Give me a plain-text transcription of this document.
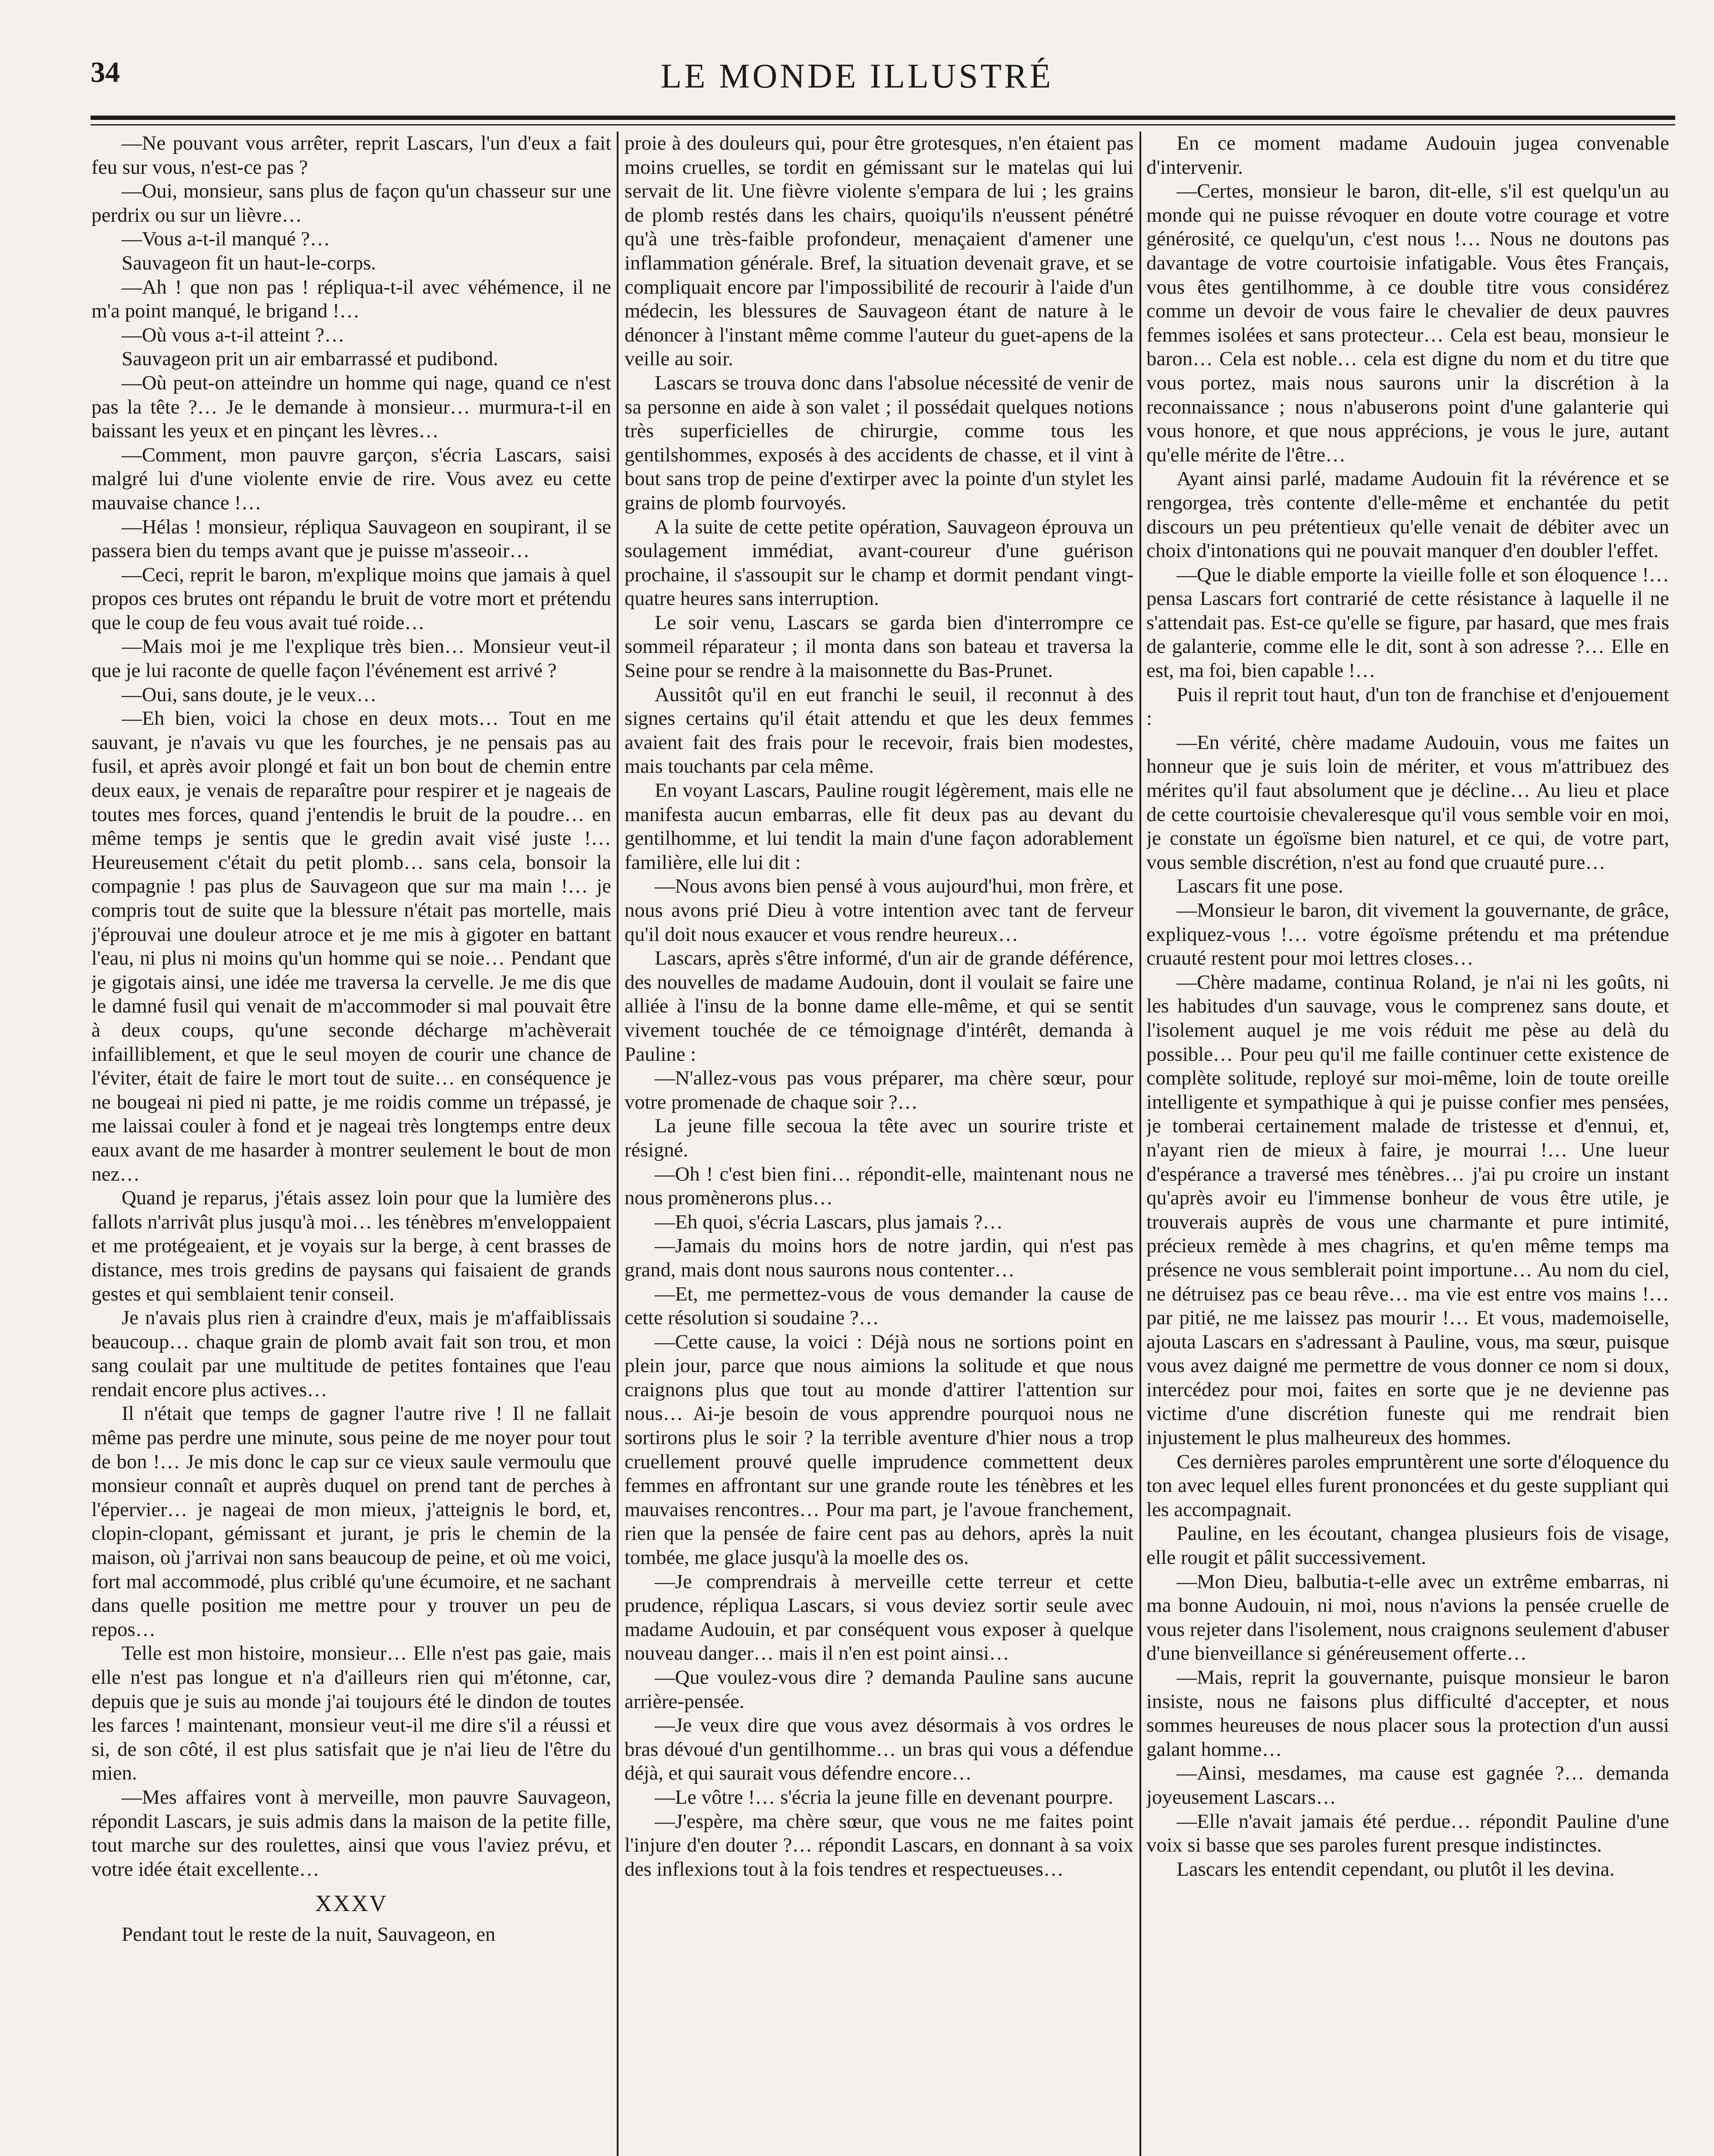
34	LE MONDE ILLUSTRÉ

—Ne pouvant vous arrêter, reprit Lascars, l'un d'eux a fait feu sur vous, n'est-ce pas ?

—Oui, monsieur, sans plus de façon qu'un chasseur sur une perdrix ou sur un lièvre…

—Vous a-t-il manqué ?…

Sauvageon fit un haut-le-corps.

—Ah ! que non pas ! répliqua-t-il avec véhémence, il ne m'a point manqué, le brigand !…

—Où vous a-t-il atteint ?…

Sauvageon prit un air embarrassé et pudibond.

—Où peut-on atteindre un homme qui nage, quand ce n'est pas la tête ?… Je le demande à monsieur… murmura-t-il en baissant les yeux et en pinçant les lèvres…

—Comment, mon pauvre garçon, s'écria Lascars, saisi malgré lui d'une violente envie de rire. Vous avez eu cette mauvaise chance !…

—Hélas ! monsieur, répliqua Sauvageon en soupirant, il se passera bien du temps avant que je puisse m'asseoir…

—Ceci, reprit le baron, m'explique moins que jamais à quel propos ces brutes ont répandu le bruit de votre mort et prétendu que le coup de feu vous avait tué roide…

—Mais moi je me l'explique très bien… Monsieur veut-il que je lui raconte de quelle façon l'événement est arrivé ?

—Oui, sans doute, je le veux…

—Eh bien, voici la chose en deux mots… Tout en me sauvant, je n'avais vu que les fourches, je ne pensais pas au fusil, et après avoir plongé et fait un bon bout de chemin entre deux eaux, je venais de reparaître pour respirer et je nageais de toutes mes forces, quand j'entendis le bruit de la poudre… en même temps je sentis que le gredin avait visé juste !… Heureusement c'était du petit plomb… sans cela, bonsoir la compagnie ! pas plus de Sauvageon que sur ma main !… je compris tout de suite que la blessure n'était pas mortelle, mais j'éprouvai une douleur atroce et je me mis à gigoter en battant l'eau, ni plus ni moins qu'un homme qui se noie… Pendant que je gigotais ainsi, une idée me traversa la cervelle. Je me dis que le damné fusil qui venait de m'accommoder si mal pouvait être à deux coups, qu'une seconde décharge m'achèverait infailliblement, et que le seul moyen de courir une chance de l'éviter, était de faire le mort tout de suite… en conséquence je ne bougeai ni pied ni patte, je me roidis comme un trépassé, je me laissai couler à fond et je nageai très longtemps entre deux eaux avant de me hasarder à montrer seulement le bout de mon nez…

Quand je reparus, j'étais assez loin pour que la lumière des fallots n'arrivât plus jusqu'à moi… les ténèbres m'enveloppaient et me protégeaient, et je voyais sur la berge, à cent brasses de distance, mes trois gredins de paysans qui faisaient de grands gestes et qui semblaient tenir conseil.

Je n'avais plus rien à craindre d'eux, mais je m'affaiblissais beaucoup… chaque grain de plomb avait fait son trou, et mon sang coulait par une multitude de petites fontaines que l'eau rendait encore plus actives…

Il n'était que temps de gagner l'autre rive ! Il ne fallait même pas perdre une minute, sous peine de me noyer pour tout de bon !… Je mis donc le cap sur ce vieux saule vermoulu que monsieur connaît et auprès duquel on prend tant de perches à l'épervier… je nageai de mon mieux, j'atteignis le bord, et, clopin-clopant, gémissant et jurant, je pris le chemin de la maison, où j'arrivai non sans beaucoup de peine, et où me voici, fort mal accommodé, plus criblé qu'une écumoire, et ne sachant dans quelle position me mettre pour y trouver un peu de repos…

Telle est mon histoire, monsieur… Elle n'est pas gaie, mais elle n'est pas longue et n'a d'ailleurs rien qui m'étonne, car, depuis que je suis au monde j'ai toujours été le dindon de toutes les farces ! maintenant, monsieur veut-il me dire s'il a réussi et si, de son côté, il est plus satisfait que je n'ai lieu de l'être du mien.

—Mes affaires vont à merveille, mon pauvre Sauvageon, répondit Lascars, je suis admis dans la maison de la petite fille, tout marche sur des roulettes, ainsi que vous l'aviez prévu, et votre idée était excellente…

XXXV

Pendant tout le reste de la nuit, Sauvageon, en

proie à des douleurs qui, pour être grotesques, n'en étaient pas moins cruelles, se tordit en gémissant sur le matelas qui lui servait de lit. Une fièvre violente s'empara de lui ; les grains de plomb restés dans les chairs, quoiqu'ils n'eussent pénétré qu'à une très-faible profondeur, menaçaient d'amener une inflammation générale. Bref, la situation devenait grave, et se compliquait encore par l'impossibilité de recourir à l'aide d'un médecin, les blessures de Sauvageon étant de nature à le dénoncer à l'instant même comme l'auteur du guet-apens de la veille au soir.

Lascars se trouva donc dans l'absolue nécessité de venir de sa personne en aide à son valet ; il possédait quelques notions très superficielles de chirurgie, comme tous les gentilshommes, exposés à des accidents de chasse, et il vint à bout sans trop de peine d'extirper avec la pointe d'un stylet les grains de plomb fourvoyés.

A la suite de cette petite opération, Sauvageon éprouva un soulagement immédiat, avant-coureur d'une guérison prochaine, il s'assoupit sur le champ et dormit pendant vingt-quatre heures sans interruption.

Le soir venu, Lascars se garda bien d'interrompre ce sommeil réparateur ; il monta dans son bateau et traversa la Seine pour se rendre à la maisonnette du Bas-Prunet.

Aussitôt qu'il en eut franchi le seuil, il reconnut à des signes certains qu'il était attendu et que les deux femmes avaient fait des frais pour le recevoir, frais bien modestes, mais touchants par cela même.

En voyant Lascars, Pauline rougit légèrement, mais elle ne manifesta aucun embarras, elle fit deux pas au devant du gentilhomme, et lui tendit la main d'une façon adorablement familière, elle lui dit :

—Nous avons bien pensé à vous aujourd'hui, mon frère, et nous avons prié Dieu à votre intention avec tant de ferveur qu'il doit nous exaucer et vous rendre heureux…

Lascars, après s'être informé, d'un air de grande déférence, des nouvelles de madame Audouin, dont il voulait se faire une alliée à l'insu de la bonne dame elle-même, et qui se sentit vivement touchée de ce témoignage d'intérêt, demanda à Pauline :

—N'allez-vous pas vous préparer, ma chère sœur, pour votre promenade de chaque soir ?…

La jeune fille secoua la tête avec un sourire triste et résigné.

—Oh ! c'est bien fini… répondit-elle, maintenant nous ne nous promènerons plus…

—Eh quoi, s'écria Lascars, plus jamais ?…

—Jamais du moins hors de notre jardin, qui n'est pas grand, mais dont nous saurons nous contenter…

—Et, me permettez-vous de vous demander la cause de cette résolution si soudaine ?…

—Cette cause, la voici : Déjà nous ne sortions point en plein jour, parce que nous aimions la solitude et que nous craignons plus que tout au monde d'attirer l'attention sur nous… Ai-je besoin de vous apprendre pourquoi nous ne sortirons plus le soir ? la terrible aventure d'hier nous a trop cruellement prouvé quelle imprudence commettent deux femmes en affrontant sur une grande route les ténèbres et les mauvaises rencontres… Pour ma part, je l'avoue franchement, rien que la pensée de faire cent pas au dehors, après la nuit tombée, me glace jusqu'à la moelle des os.

—Je comprendrais à merveille cette terreur et cette prudence, répliqua Lascars, si vous deviez sortir seule avec madame Audouin, et par conséquent vous exposer à quelque nouveau danger… mais il n'en est point ainsi…

—Que voulez-vous dire ? demanda Pauline sans aucune arrière-pensée.

—Je veux dire que vous avez désormais à vos ordres le bras dévoué d'un gentilhomme… un bras qui vous a défendue déjà, et qui saurait vous défendre encore…

—Le vôtre !… s'écria la jeune fille en devenant pourpre.

—J'espère, ma chère sœur, que vous ne me faites point l'injure d'en douter ?… répondit Lascars, en donnant à sa voix des inflexions tout à la fois tendres et respectueuses…

En ce moment madame Audouin jugea convenable d'intervenir.

—Certes, monsieur le baron, dit-elle, s'il est quelqu'un au monde qui ne puisse révoquer en doute votre courage et votre générosité, ce quelqu'un, c'est nous !… Nous ne doutons pas davantage de votre courtoisie infatigable. Vous êtes Français, vous êtes gentilhomme, à ce double titre vous considérez comme un devoir de vous faire le chevalier de deux pauvres femmes isolées et sans protecteur… Cela est beau, monsieur le baron… Cela est noble… cela est digne du nom et du titre que vous portez, mais nous saurons unir la discrétion à la reconnaissance ; nous n'abuserons point d'une galanterie qui vous honore, et que nous apprécions, je vous le jure, autant qu'elle mérite de l'être…

Ayant ainsi parlé, madame Audouin fit la révérence et se rengorgea, très contente d'elle-même et enchantée du petit discours un peu prétentieux qu'elle venait de débiter avec un choix d'intonations qui ne pouvait manquer d'en doubler l'effet.

—Que le diable emporte la vieille folle et son éloquence !… pensa Lascars fort contrarié de cette résistance à laquelle il ne s'attendait pas. Est-ce qu'elle se figure, par hasard, que mes frais de galanterie, comme elle le dit, sont à son adresse ?… Elle en est, ma foi, bien capable !…

Puis il reprit tout haut, d'un ton de franchise et d'enjouement :

—En vérité, chère madame Audouin, vous me faites un honneur que je suis loin de mériter, et vous m'attribuez des mérites qu'il faut absolument que je décline… Au lieu et place de cette courtoisie chevaleresque qu'il vous semble voir en moi, je constate un égoïsme bien naturel, et ce qui, de votre part, vous semble discrétion, n'est au fond que cruauté pure…

Lascars fit une pose.

—Monsieur le baron, dit vivement la gouvernante, de grâce, expliquez-vous !… votre égoïsme prétendu et ma prétendue cruauté restent pour moi lettres closes…

—Chère madame, continua Roland, je n'ai ni les goûts, ni les habitudes d'un sauvage, vous le comprenez sans doute, et l'isolement auquel je me vois réduit me pèse au delà du possible… Pour peu qu'il me faille continuer cette existence de complète solitude, reployé sur moi-même, loin de toute oreille intelligente et sympathique à qui je puisse confier mes pensées, je tomberai certainement malade de tristesse et d'ennui, et, n'ayant rien de mieux à faire, je mourrai !… Une lueur d'espérance a traversé mes ténèbres… j'ai pu croire un instant qu'après avoir eu l'immense bonheur de vous être utile, je trouverais auprès de vous une charmante et pure intimité, précieux remède à mes chagrins, et qu'en même temps ma présence ne vous semblerait point importune… Au nom du ciel, ne détruisez pas ce beau rêve… ma vie est entre vos mains !… par pitié, ne me laissez pas mourir !… Et vous, mademoiselle, ajouta Lascars en s'adressant à Pauline, vous, ma sœur, puisque vous avez daigné me permettre de vous donner ce nom si doux, intercédez pour moi, faites en sorte que je ne devienne pas victime d'une discrétion funeste qui me rendrait bien injustement le plus malheureux des hommes.

Ces dernières paroles empruntèrent une sorte d'éloquence du ton avec lequel elles furent prononcées et du geste suppliant qui les accompagnait.

Pauline, en les écoutant, changea plusieurs fois de visage, elle rougit et pâlit successivement.

—Mon Dieu, balbutia-t-elle avec un extrême embarras, ni ma bonne Audouin, ni moi, nous n'avions la pensée cruelle de vous rejeter dans l'isolement, nous craignons seulement d'abuser d'une bienveillance si généreusement offerte…

—Mais, reprit la gouvernante, puisque monsieur le baron insiste, nous ne faisons plus difficulté d'accepter, et nous sommes heureuses de nous placer sous la protection d'un aussi galant homme…

—Ainsi, mesdames, ma cause est gagnée ?… demanda joyeusement Lascars…

—Elle n'avait jamais été perdue… répondit Pauline d'une voix si basse que ses paroles furent presque indistinctes.

Lascars les entendit cependant, ou plutôt il les devina.
